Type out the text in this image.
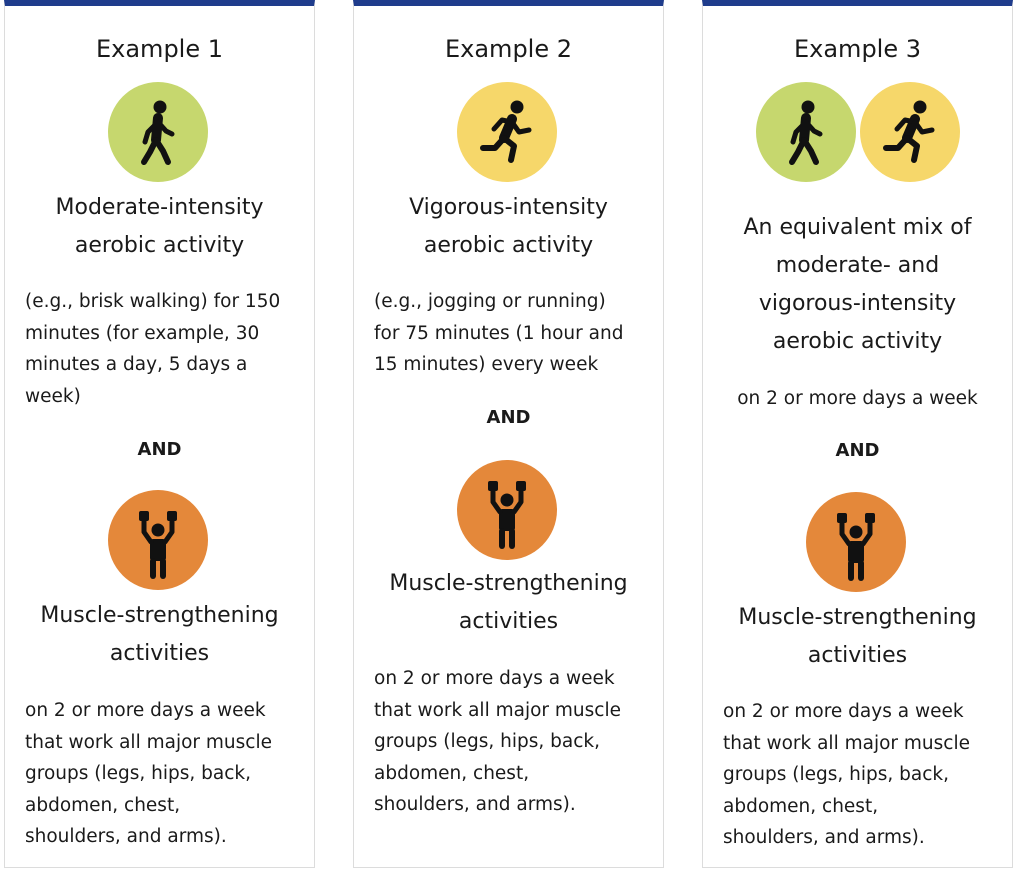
Example 1
Moderate-intensity
aerobic activity
(e.g., brisk walking) for 150
minutes (for example, 30
minutes a day, 5 days a
week)
AND
Muscle-strengthening
activities
on 2 or more days a week
that work all major muscle
groups (legs, hips, back,
abdomen, chest,
shoulders, and arms).
Example 2
Vigorous-intensity
aerobic activity
(e.g., jogging or running)
for 75 minutes (1 hour and
15 minutes) every week
AND
Muscle-strengthening
activities
on 2 or more days a week
that work all major muscle
groups (legs, hips, back,
abdomen, chest,
shoulders, and arms).
Example 3
An equivalent mix of
moderate- and
vigorous-intensity
aerobic activity
on 2 or more days a week
AND
Muscle-strengthening
activities
on 2 or more days a week
that work all major muscle
groups (legs, hips, back,
abdomen, chest,
shoulders, and arms).
